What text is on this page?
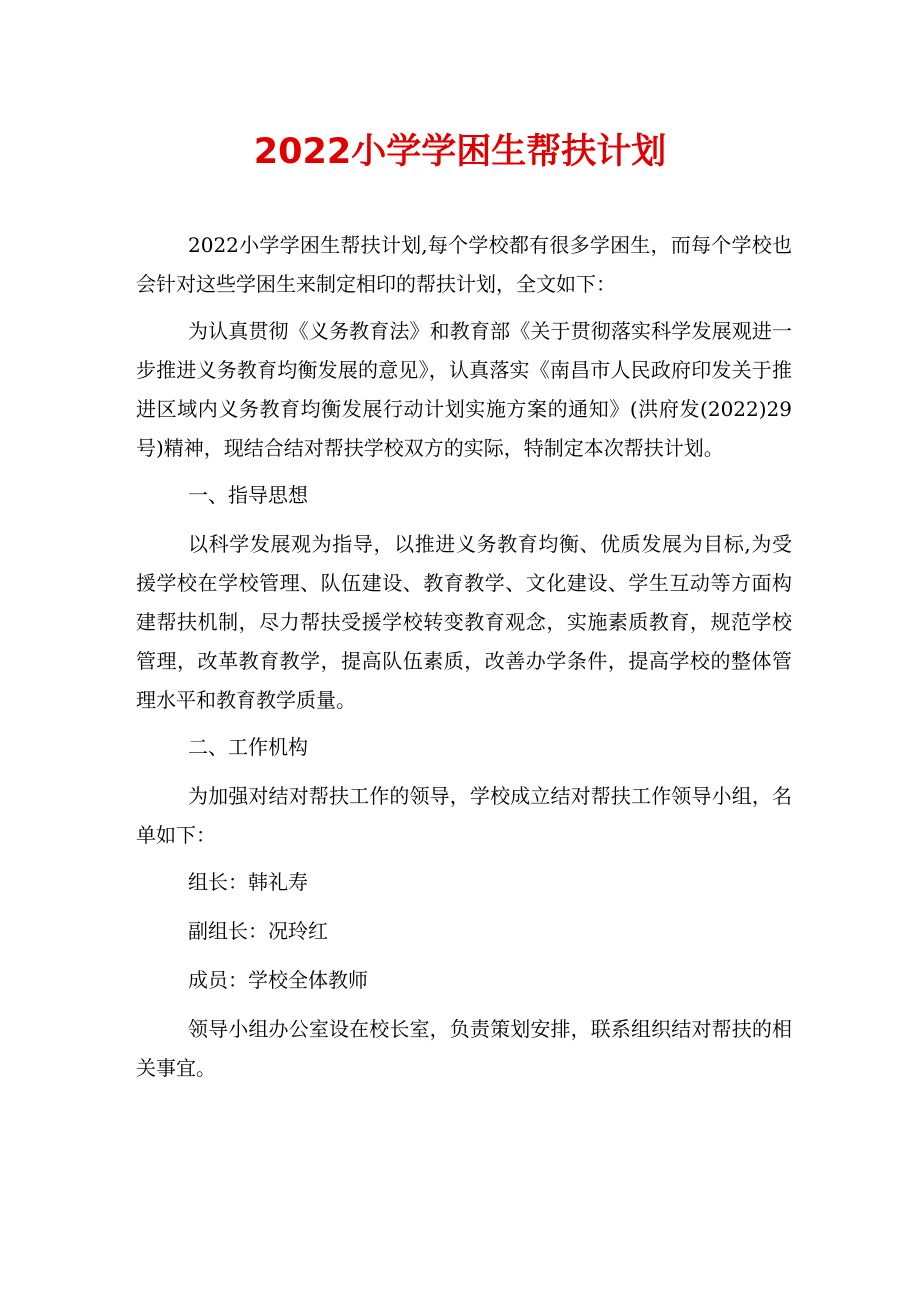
2022小学学困生帮扶计划

2022小学学困生帮扶计划,每个学校都有很多学困生，而每个学校也会针对这些学困生来制定相印的帮扶计划，全文如下：

为认真贯彻《义务教育法》和教育部《关于贯彻落实科学发展观进一步推进义务教育均衡发展的意见》，认真落实《南昌市人民政府印发关于推进区域内义务教育均衡发展行动计划实施方案的通知》(洪府发(2022)29号)精神，现结合结对帮扶学校双方的实际，特制定本次帮扶计划。

一、指导思想

以科学发展观为指导，以推进义务教育均衡、优质发展为目标,为受援学校在学校管理、队伍建设、教育教学、文化建设、学生互动等方面构建帮扶机制，尽力帮扶受援学校转变教育观念，实施素质教育，规范学校管理，改革教育教学，提高队伍素质，改善办学条件，提高学校的整体管理水平和教育教学质量。

二、工作机构

为加强对结对帮扶工作的领导，学校成立结对帮扶工作领导小组，名单如下：

组长：韩礼寿

副组长：况玲红

成员：学校全体教师

领导小组办公室设在校长室，负责策划安排，联系组织结对帮扶的相关事宜。
